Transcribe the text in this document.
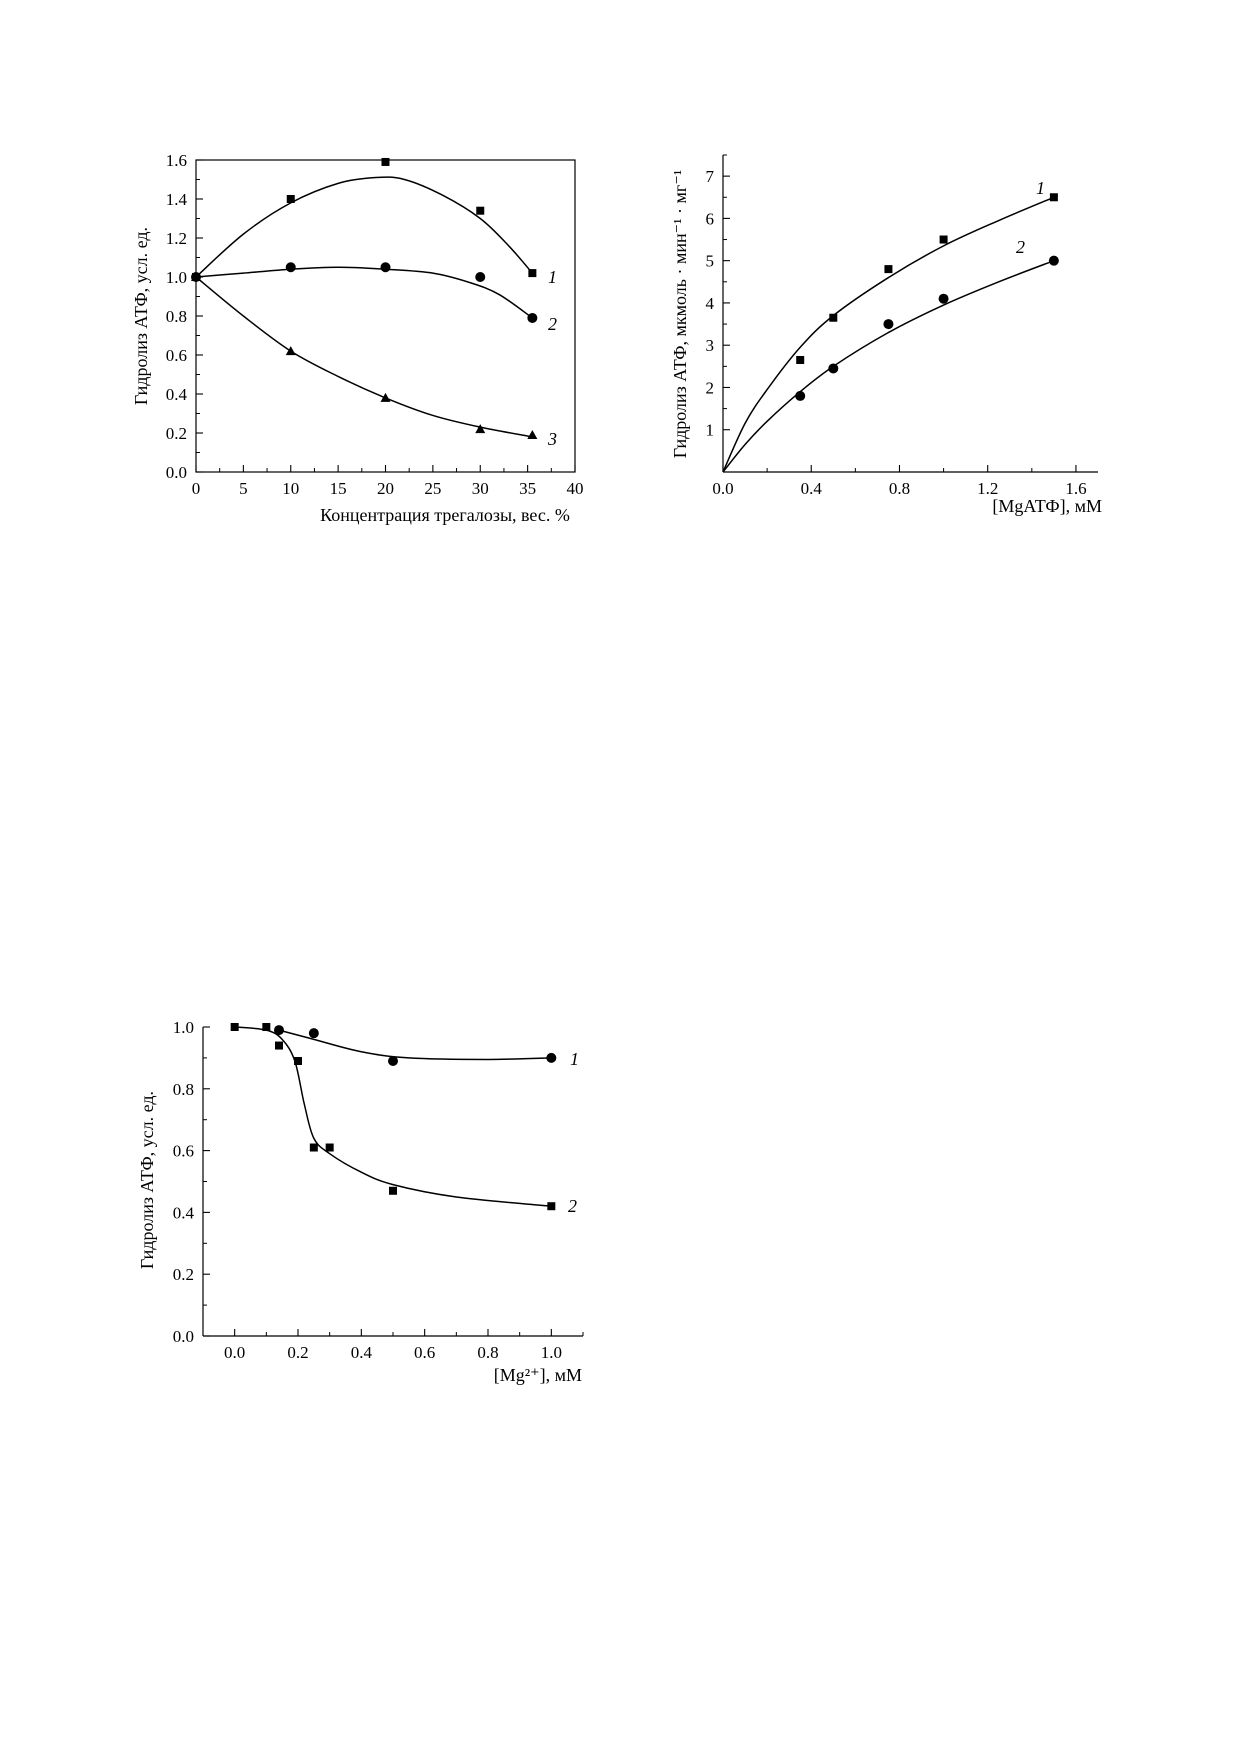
0 5 10 15 20 25 30 35 40
0.0
0.2
0.4
0.6
0.8
1.0
1.2
1.4
1.6
Концентрация трегалозы, вес. %
Гидролиз АТФ, усл. ед.	1
2
3
0.0	0.4	0.8	1.2	1.6
1
2
3
4
5
6
7
[MgАТФ], мМ
Гидролиз АТФ, мкмоль · мин⁻¹ · мг⁻¹	1
2
0.0 0.2 0.4 0.6 0.8 1.0
0.0
0.2
0.4
0.6
0.8
1.0
[Mg²⁺], мМ
Гидролиз АТФ, усл. ед.
1
2
